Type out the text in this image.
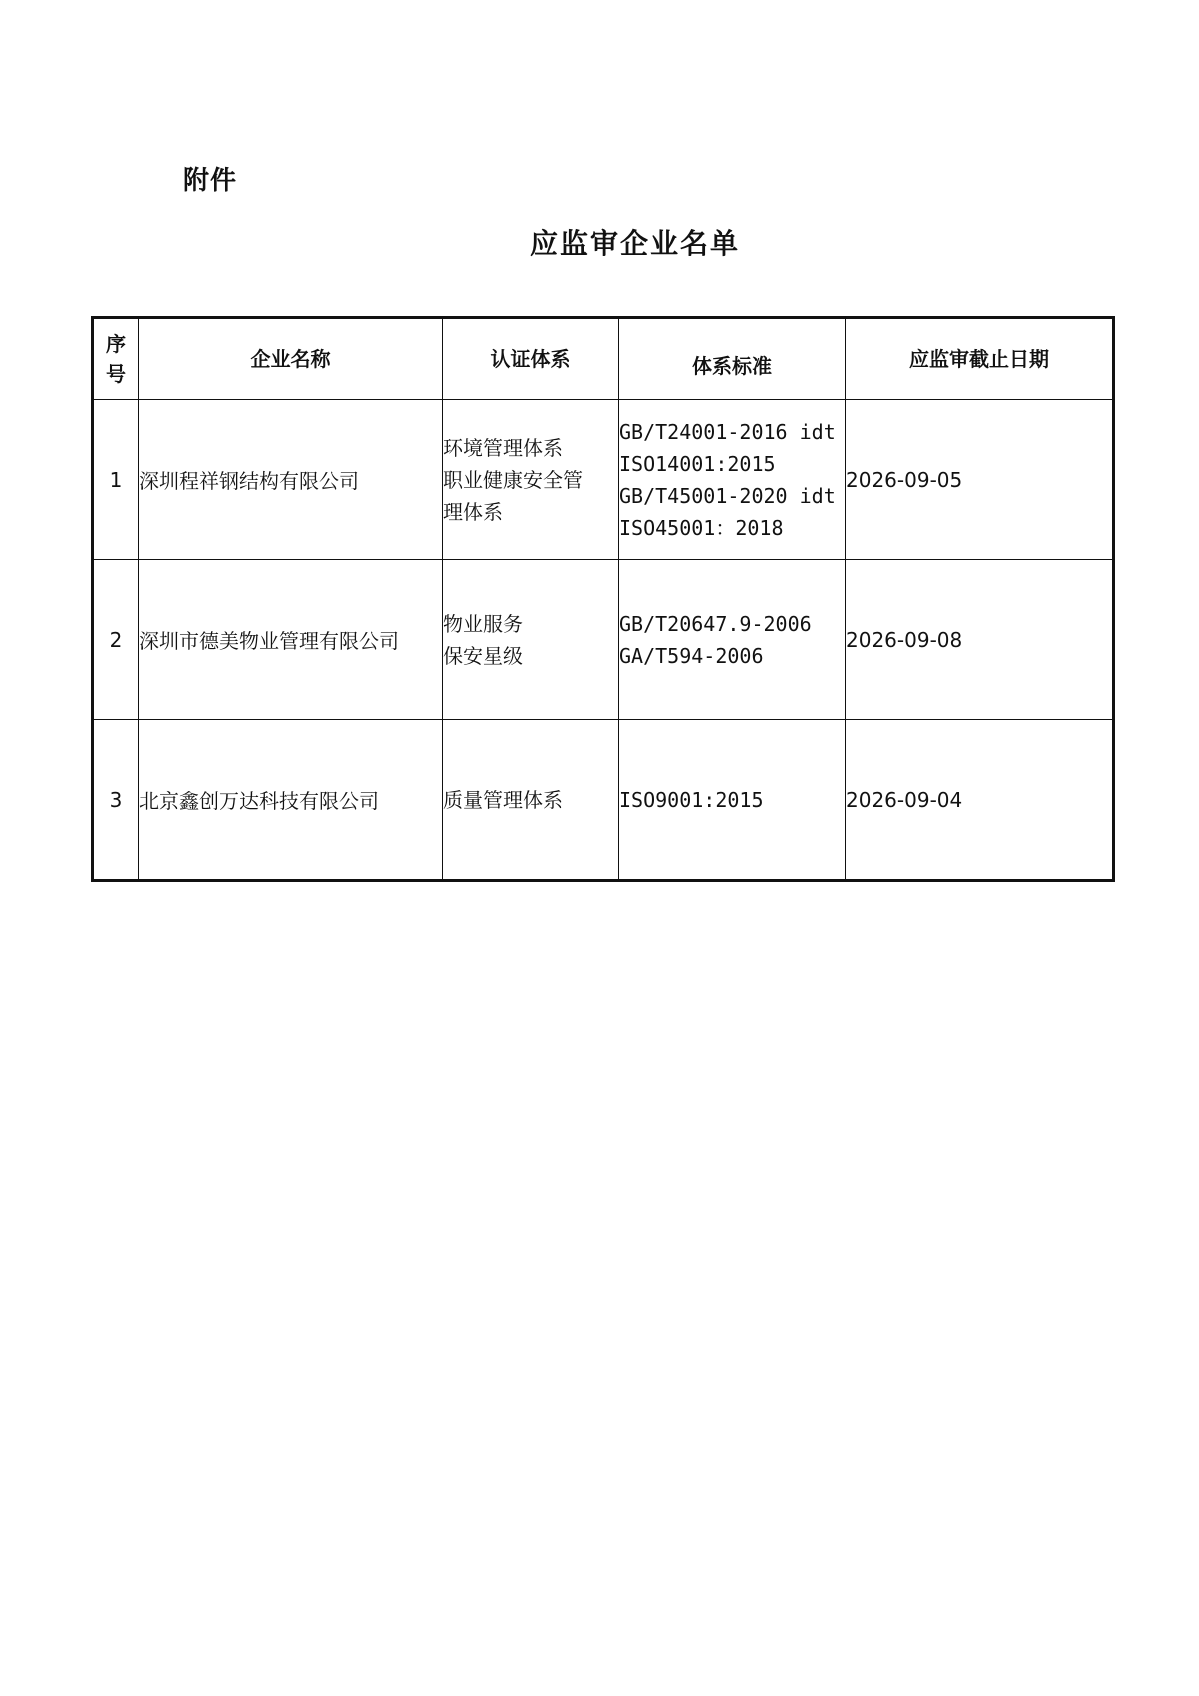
附件
应监审企业名单
序号	企业名称	认证体系	体系标准	应监审截止日期
1	深圳程祥钢结构有限公司	环境管理体系
职业健康安全管
理体系	GB/T24001-2016 idt
ISO14001:2015
GB/T45001-2020 idt
ISO45001：2018	2026-09-05
2	深圳市德美物业管理有限公司	物业服务
保安星级	GB/T20647.9-2006
GA/T594-2006	2026-09-08
3	北京鑫创万达科技有限公司	质量管理体系	ISO9001:2015	2026-09-04
